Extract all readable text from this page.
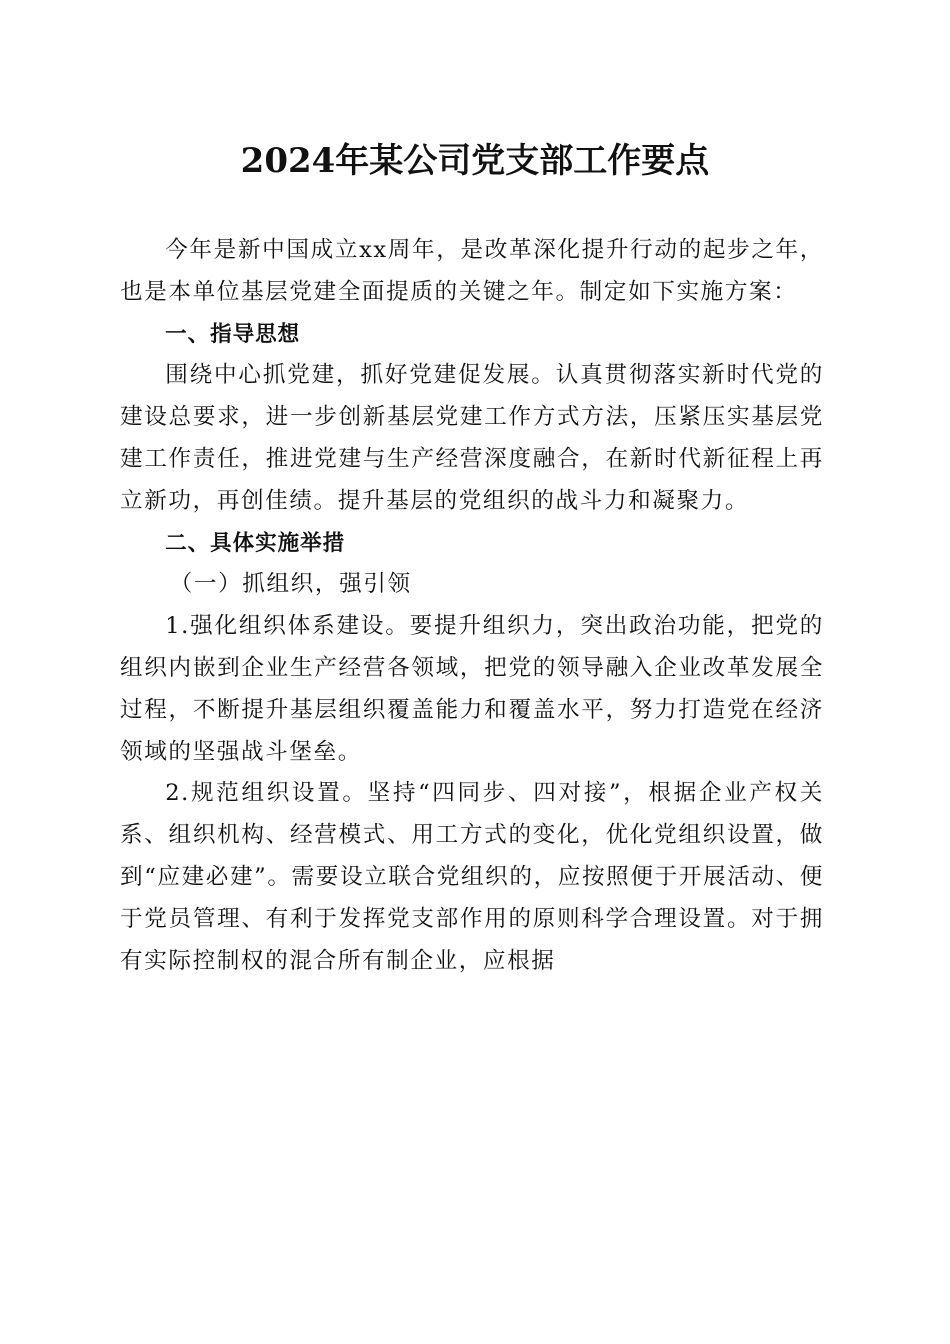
2024年某公司党支部工作要点

今年是新中国成立xx周年，是改革深化提升行动的起步之年，也是本单位基层党建全面提质的关键之年。制定如下实施方案：

一、指导思想

围绕中心抓党建，抓好党建促发展。认真贯彻落实新时代党的建设总要求，进一步创新基层党建工作方式方法，压紧压实基层党建工作责任，推进党建与生产经营深度融合，在新时代新征程上再立新功，再创佳绩。提升基层的党组织的战斗力和凝聚力。

二、具体实施举措

（一）抓组织，强引领

1.强化组织体系建设。要提升组织力，突出政治功能，把党的组织内嵌到企业生产经营各领域，把党的领导融入企业改革发展全过程，不断提升基层组织覆盖能力和覆盖水平，努力打造党在经济领域的坚强战斗堡垒。

2.规范组织设置。坚持“四同步、四对接”，根据企业产权关系、组织机构、经营模式、用工方式的变化，优化党组织设置，做到“应建必建”。需要设立联合党组织的，应按照便于开展活动、便于党员管理、有利于发挥党支部作用的原则科学合理设置。对于拥有实际控制权的混合所有制企业，应根据
